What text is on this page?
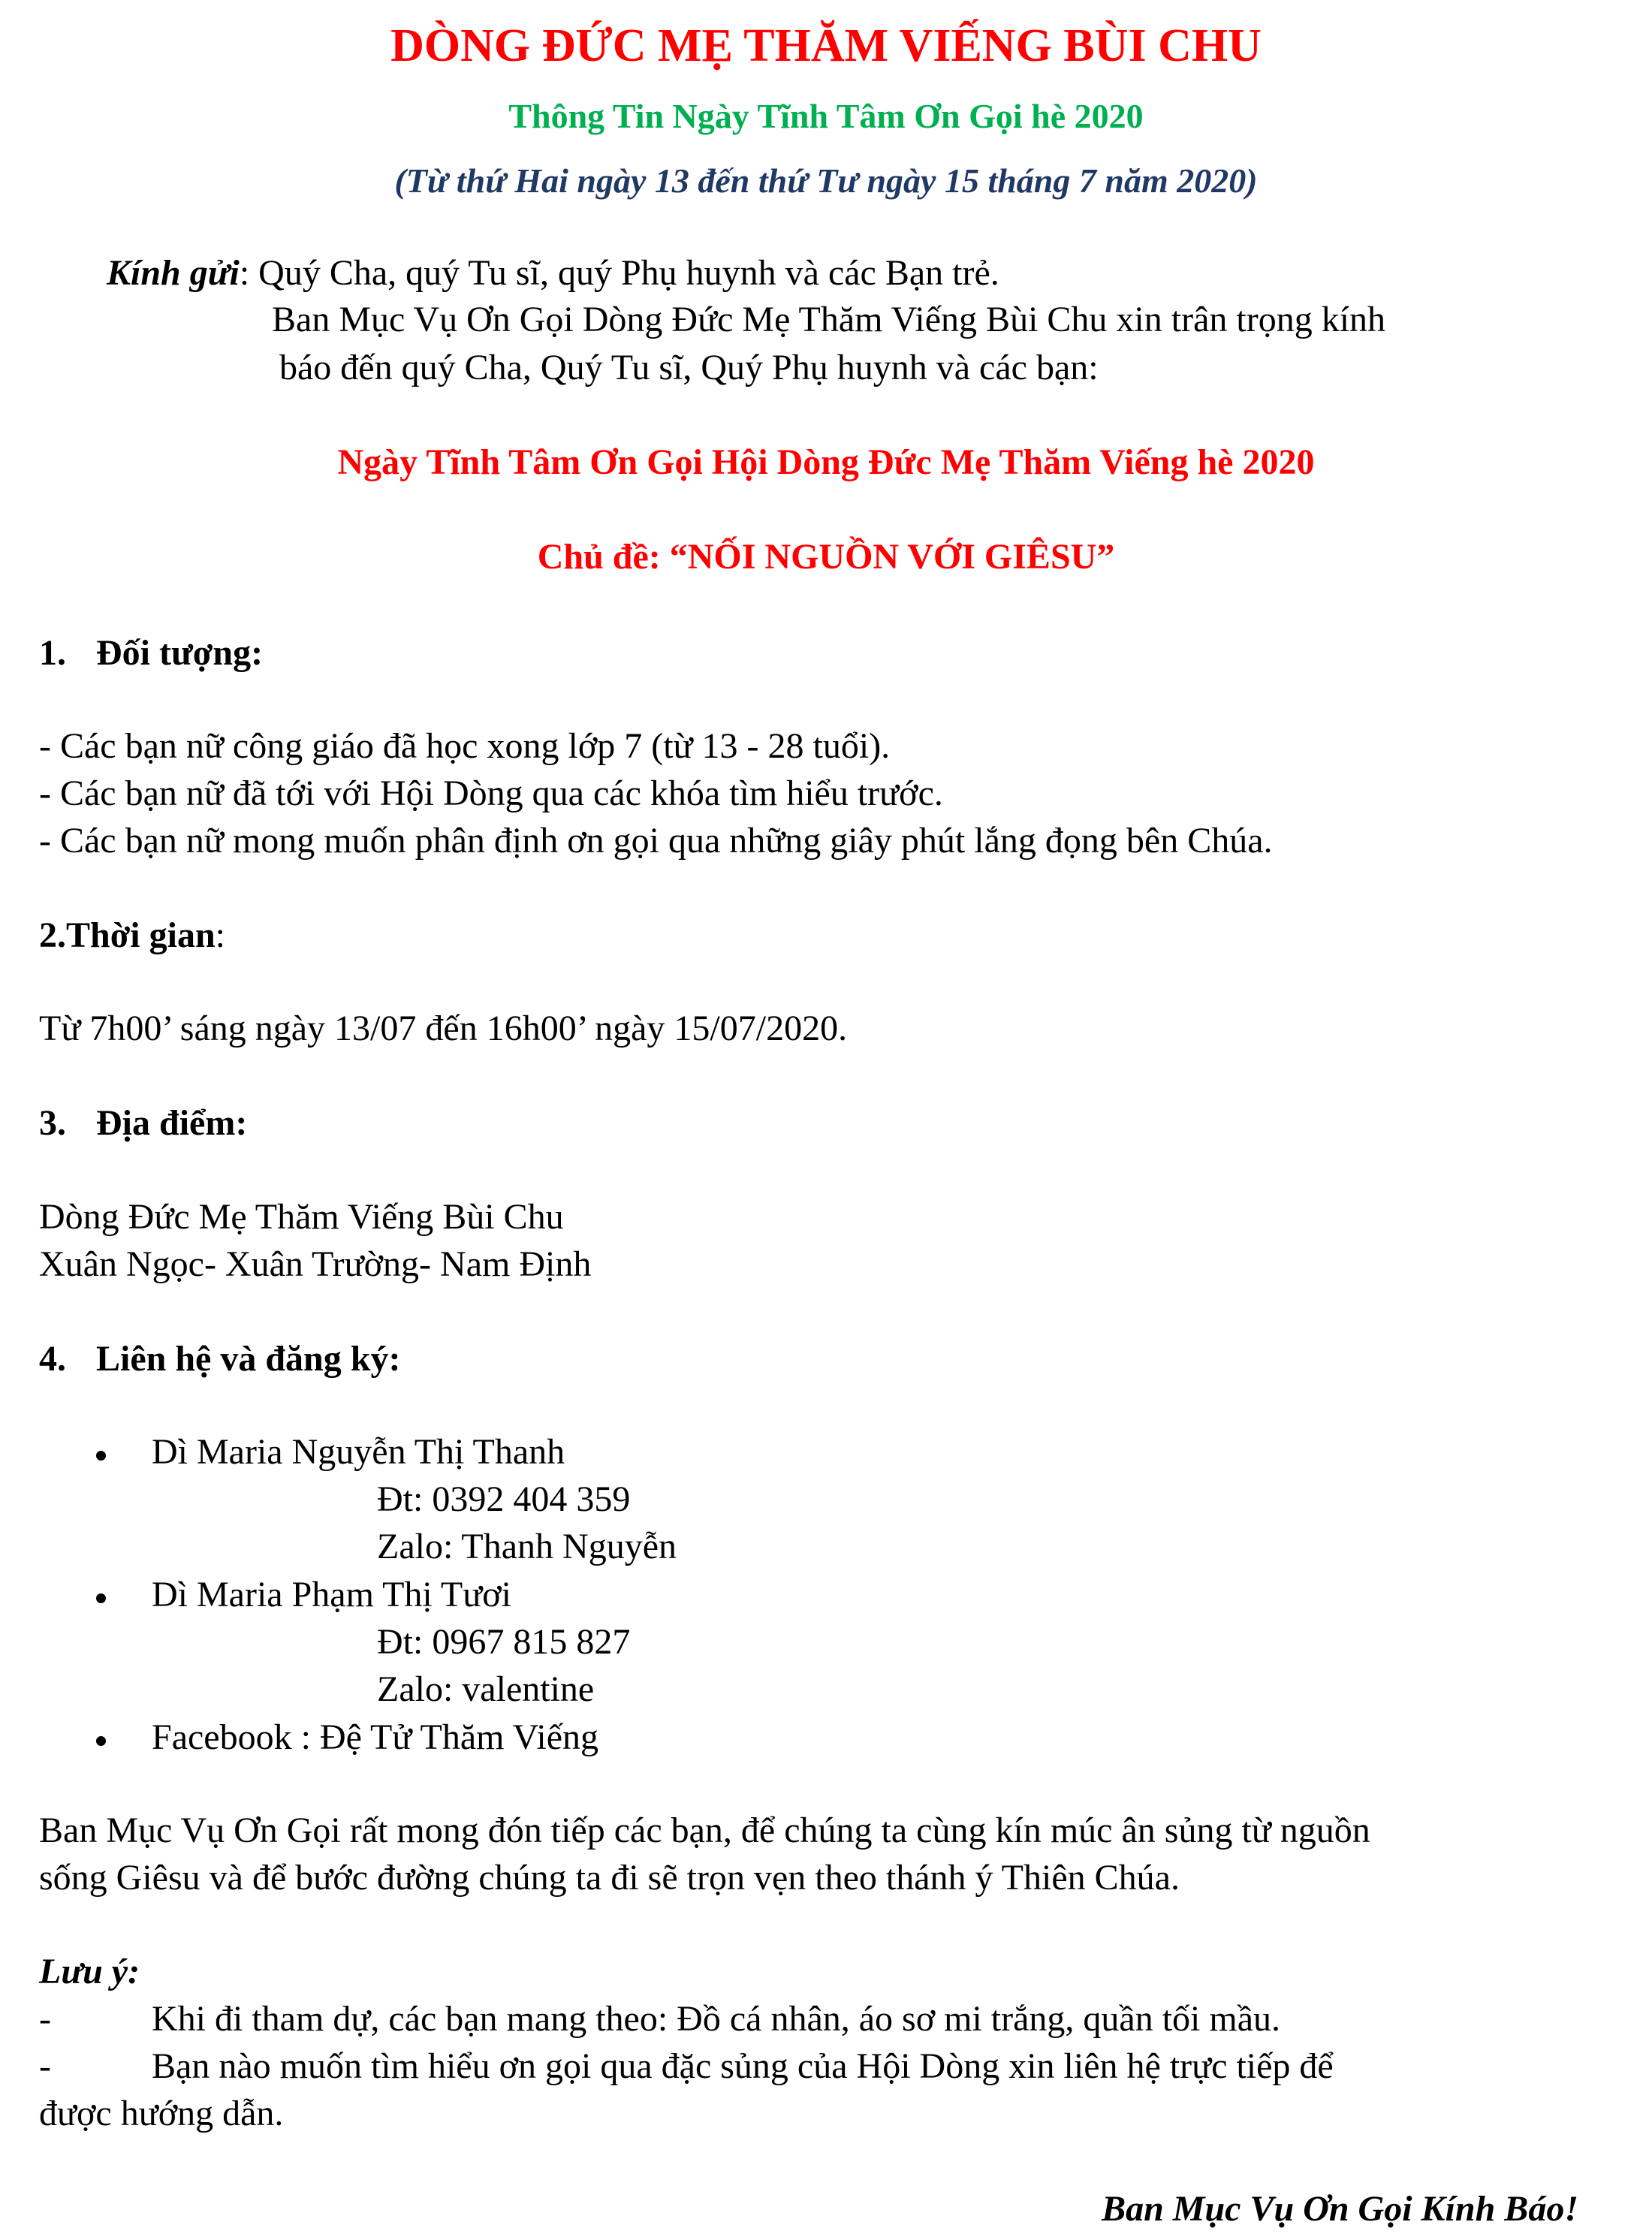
DÒNG ĐỨC MẸ THĂM VIẾNG BÙI CHU
Thông Tin Ngày Tĩnh Tâm Ơn Gọi hè 2020
(Từ thứ Hai ngày 13 đến thứ Tư ngày 15 tháng 7 năm 2020)
Kính gửi: Quý Cha, quý Tu sĩ, quý Phụ huynh và các Bạn trẻ.
Ban Mục Vụ Ơn Gọi Dòng Đức Mẹ Thăm Viếng Bùi Chu xin trân trọng kính
báo đến quý Cha, Quý Tu sĩ, Quý Phụ huynh và các bạn:
Ngày Tĩnh Tâm Ơn Gọi Hội Dòng Đức Mẹ Thăm Viếng hè 2020
Chủ đề: “NỐI NGUỒN VỚI GIÊSU”
1. Đối tượng:
- Các bạn nữ công giáo đã học xong lớp 7 (từ 13 - 28 tuổi).
- Các bạn nữ đã tới với Hội Dòng qua các khóa tìm hiểu trước.
- Các bạn nữ mong muốn phân định ơn gọi qua những giây phút lắng đọng bên Chúa.
2.Thời gian:
Từ 7h00’ sáng ngày 13/07 đến 16h00’ ngày 15/07/2020.
3. Địa điểm:
Dòng Đức Mẹ Thăm Viếng Bùi Chu
Xuân Ngọc- Xuân Trường- Nam Định
4. Liên hệ và đăng ký:
Dì Maria Nguyễn Thị Thanh
Đt: 0392 404 359
Zalo: Thanh Nguyễn
Dì Maria Phạm Thị Tươi
Đt: 0967 815 827
Zalo: valentine
Facebook : Đệ Tử Thăm Viếng
Ban Mục Vụ Ơn Gọi rất mong đón tiếp các bạn, để chúng ta cùng kín múc ân sủng từ nguồn
sống Giêsu và để bước đường chúng ta đi sẽ trọn vẹn theo thánh ý Thiên Chúa.
Lưu ý:
-	Khi đi tham dự, các bạn mang theo: Đồ cá nhân, áo sơ mi trắng, quần tối mầu.
-	Bạn nào muốn tìm hiểu ơn gọi qua đặc sủng của Hội Dòng xin liên hệ trực tiếp để
được hướng dẫn.
Ban Mục Vụ Ơn Gọi Kính Báo!
